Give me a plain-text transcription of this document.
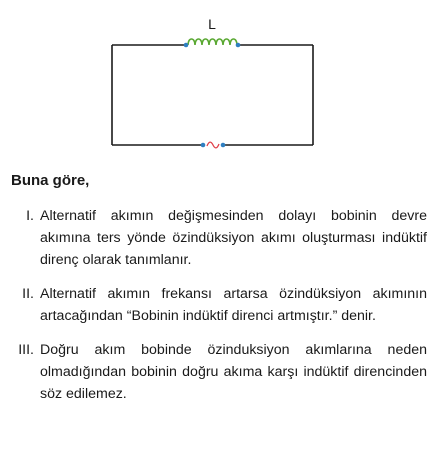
L

Buna göre,

I. Alternatif akımın değişmesinden dolayı bobinin devre akımına ters yönde özindüksiyon akımı oluşturması indüktif direnç olarak tanımlanır.
II. Alternatif akımın frekansı artarsa özindüksiyon akımının artacağından “Bobinin indüktif direnci artmıştır.” denir.
III. Doğru akım bobinde özinduksiyon akımlarına neden olmadığından bobinin doğru akıma karşı indüktif direncinden söz edilemez.
